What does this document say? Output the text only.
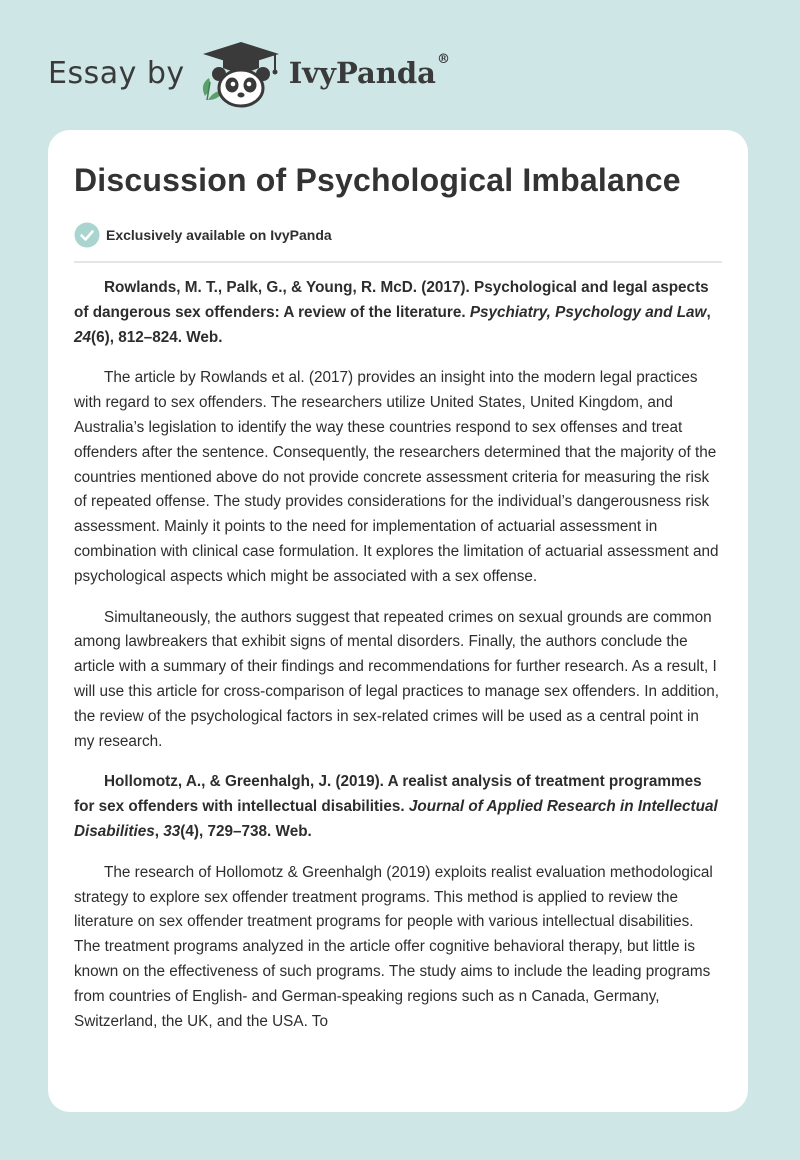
Essay by	IvyPanda®
Discussion of Psychological Imbalance
Exclusively available on IvyPanda

Rowlands, M. T., Palk, G., & Young, R. McD. (2017). Psychological and legal aspects of dangerous sex offenders: A review of the literature. Psychiatry, Psychology and Law, 24(6), 812–824. Web.

The article by Rowlands et al. (2017) provides an insight into the modern legal practices with regard to sex offenders. The researchers utilize United States, United Kingdom, and Australia’s legislation to identify the way these countries respond to sex offenses and treat offenders after the sentence. Consequently, the researchers determined that the majority of the countries mentioned above do not provide concrete assessment criteria for measuring the risk of repeated offense. The study provides considerations for the individual’s dangerousness risk assessment. Mainly it points to the need for implementation of actuarial assessment in combination with clinical case formulation. It explores the limitation of actuarial assessment and psychological aspects which might be associated with a sex offense.

Simultaneously, the authors suggest that repeated crimes on sexual grounds are common among lawbreakers that exhibit signs of mental disorders. Finally, the authors conclude the article with a summary of their findings and recommendations for further research. As a result, I will use this article for cross-comparison of legal practices to manage sex offenders. In addition, the review of the psychological factors in sex-related crimes will be used as a central point in my research.

Hollomotz, A., & Greenhalgh, J. (2019). A realist analysis of treatment programmes for sex offenders with intellectual disabilities. Journal of Applied Research in Intellectual Disabilities, 33(4), 729–738. Web.

The research of Hollomotz & Greenhalgh (2019) exploits realist evaluation methodological strategy to explore sex offender treatment programs. This method is applied to review the literature on sex offender treatment programs for people with various intellectual disabilities. The treatment programs analyzed in the article offer cognitive behavioral therapy, but little is known on the effectiveness of such programs. The study aims to include the leading programs from countries of English- and German-speaking regions such as n Canada, Germany, Switzerland, the UK, and the USA. To
